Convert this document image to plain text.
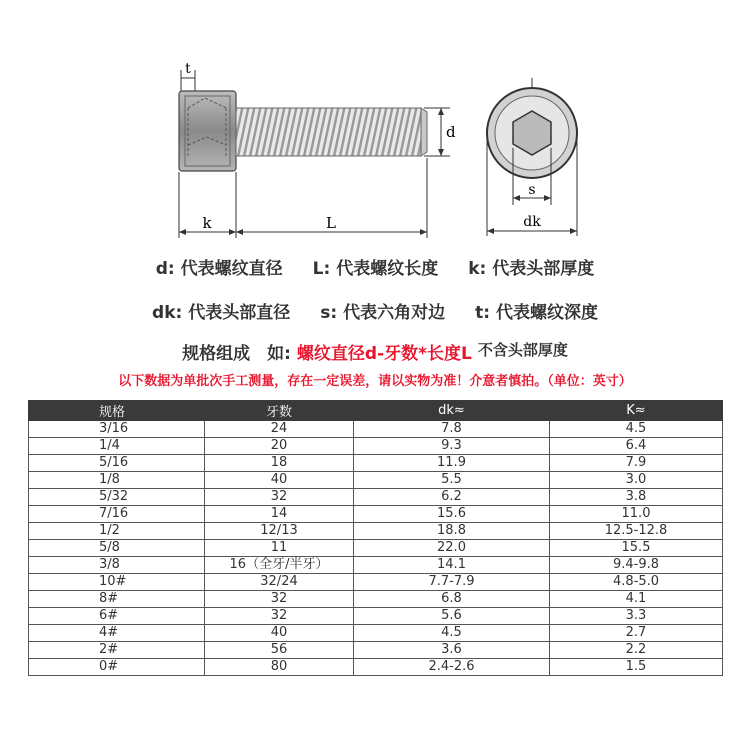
t
d
k	L
s
dk
d: 代表螺纹直径 L: 代表螺纹长度 k: 代表头部厚度
dk: 代表头部直径 s: 代表六角对边 t: 代表螺纹深度
规格组成　如: 螺纹直径d-牙数*长度L 不含头部厚度
以下数据为单批次手工测量，存在一定误差，请以实物为准！介意者慎拍。（单位：英寸）
规格	牙数	dk≈	K≈
3/16	24	7.8	4.5
1/4	20	9.3	6.4
5/16	18	11.9	7.9
1/8	40	5.5	3.0
5/32	32	6.2	3.8
7/16	14	15.6	11.0
1/2	12/13	18.8	12.5-12.8
5/8	11	22.0	15.5
3/8	16（全牙/半牙）	14.1	9.4-9.8
10#	32/24	7.7-7.9	4.8-5.0
8#	32	6.8	4.1
6#	32	5.6	3.3
4#	40	4.5	2.7
2#	56	3.6	2.2
0#	80	2.4-2.6	1.5
